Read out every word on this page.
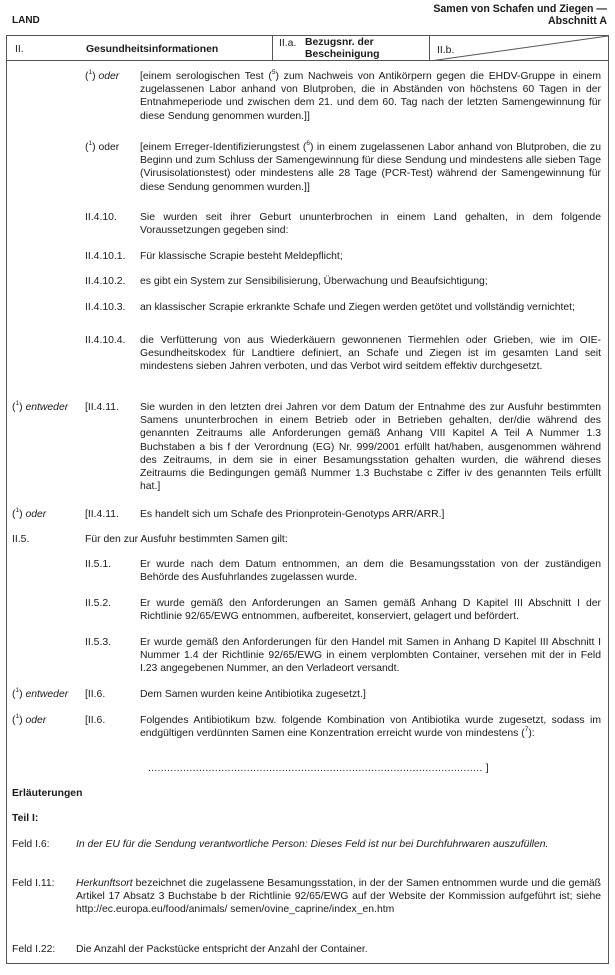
LAND
Samen von Schafen und Ziegen —
Abschnitt A
II.	Gesundheitsinformationen
II.a. Bezugsnr. der
Bescheinigung	II.b.
($^1$) oder [einem serologischen Test ($^5$) zum Nachweis von Antikörpern gegen die EHDV-Gruppe in einem zugelassenen Labor anhand von Blutproben, die in Abständen von höchstens 60 Tagen in der Entnahmeperiode und zwischen dem 21. und dem 60. Tag nach der letzten Samengewinnung für diese Sendung genommen wurden.]]
($^1$) oder [einem Erreger-Identifizierungstest ($^6$) in einem zugelassenen Labor anhand von Blutproben, die zu Beginn und zum Schluss der Samengewinnung für diese Sendung und mindestens alle sieben Tage (Virusisolationstest) oder mindestens alle 28 Tage (PCR-Test) während der Samengewinnung für diese Sendung genommen wurden.]]
II.4.10. Sie wurden seit ihrer Geburt ununterbrochen in einem Land gehalten, in dem folgende Voraussetzungen gegeben sind:
II.4.10.1. Für klassische Scrapie besteht Meldepflicht;
II.4.10.2. es gibt ein System zur Sensibilisierung, Überwachung und Beaufsichtigung;
II.4.10.3. an klassischer Scrapie erkrankte Schafe und Ziegen werden getötet und vollständig vernichtet;
II.4.10.4. die Verfütterung von aus Wiederkäuern gewonnenen Tiermehlen oder Grieben, wie im OIE-Gesundheitskodex für Landtiere definiert, an Schafe und Ziegen ist im gesamten Land seit mindestens sieben Jahren verboten, und das Verbot wird seitdem effektiv durchgesetzt.
($^1$) entweder [II.4.11. Sie wurden in den letzten drei Jahren vor dem Datum der Entnahme des zur Ausfuhr bestimmten Samens ununterbrochen in einem Betrieb oder in Betrieben gehalten, der/die während des genannten Zeitraums alle Anforderungen gemäß Anhang VIII Kapitel A Teil A Nummer 1.3 Buchstaben a bis f der Verordnung (EG) Nr. 999/2001 erfüllt hat/haben, ausgenommen während des Zeitraums, in dem sie in einer Besamungsstation gehalten wurden, die während dieses Zeitraums die Bedingungen gemäß Nummer 1.3 Buchstabe c Ziffer iv des genannten Teils erfüllt hat.]
($^1$) oder	[II.4.11. Es handelt sich um Schafe des Prionprotein-Genotyps ARR/ARR.]
II.5.	Für den zur Ausfuhr bestimmten Samen gilt:
II.5.1.	Er wurde nach dem Datum entnommen, an dem die Besamungsstation von der zuständigen Behörde des Ausfuhrlandes zugelassen wurde.
II.5.2.	Er wurde gemäß den Anforderungen an Samen gemäß Anhang D Kapitel III Abschnitt I der Richtlinie 92/65/EWG entnommen, aufbereitet, konserviert, gelagert und befördert.
II.5.3.	Er wurde gemäß den Anforderungen für den Handel mit Samen in Anhang D Kapitel III Abschnitt I Nummer 1.4 der Richtlinie 92/65/EWG in einem verplombten Container, versehen mit der in Feld I.23 angegebenen Nummer, an den Verladeort versandt.
($^1$) entweder [II.6.	Dem Samen wurden keine Antibiotika zugesetzt.]
($^1$) oder	[II.6.	Folgendes Antibiotikum bzw. folgende Kombination von Antibiotika wurde zugesetzt, sodass im endgültigen verdünnten Samen eine Konzentration erreicht wurde von mindestens ($^7$):
......................................................................................................... ]
Erläuterungen
Teil I:
Feld I.6:	In der EU für die Sendung verantwortliche Person: Dieses Feld ist nur bei Durchfuhrwaren auszufüllen.
Feld I.11: Herkunftsort bezeichnet die zugelassene Besamungsstation, in der der Samen entnommen wurde und die gemäß Artikel 17 Absatz 3 Buchstabe b der Richtlinie 92/65/EWG auf der Website der Kommission aufgeführt ist; siehe http://ec.europa.eu/food/animals/ semen/ovine_caprine/index_en.htm
Feld I.22: Die Anzahl der Packstücke entspricht der Anzahl der Container.
